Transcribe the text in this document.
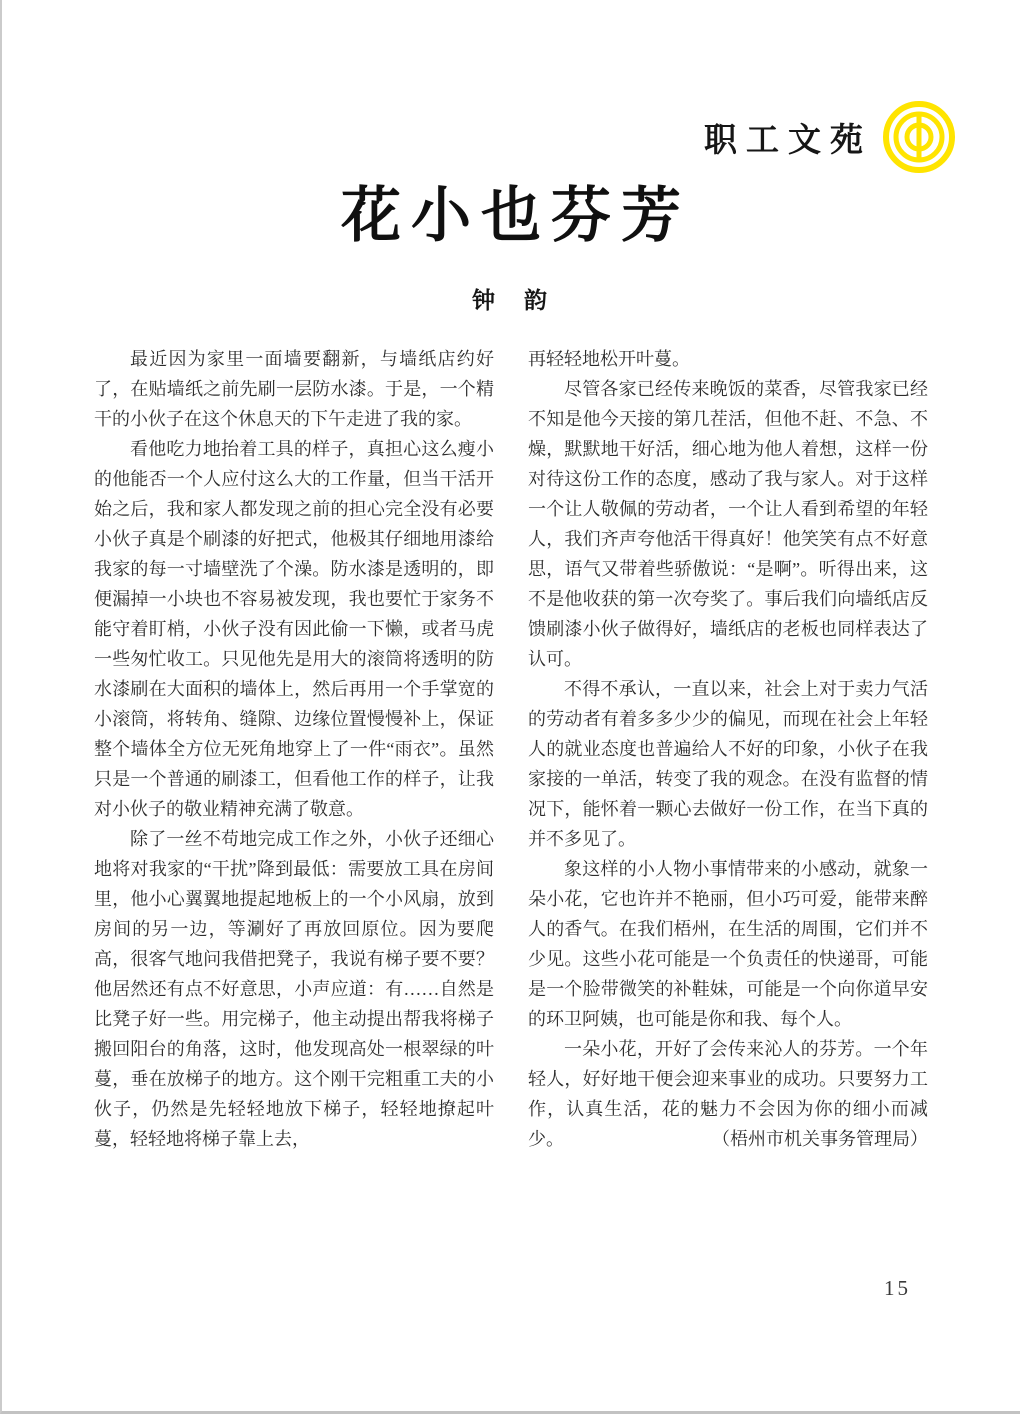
职工文苑
花小也芬芳
钟　韵

最近因为家里一面墙要翻新，与墙纸店约好了，在贴墙纸之前先刷一层防水漆。于是，一个精干的小伙子在这个休息天的下午走进了我的家。

看他吃力地抬着工具的样子，真担心这么瘦小的他能否一个人应付这么大的工作量，但当干活开始之后，我和家人都发现之前的担心完全没有必要小伙子真是个刷漆的好把式，他极其仔细地用漆给我家的每一寸墙壁洗了个澡。防水漆是透明的，即便漏掉一小块也不容易被发现，我也要忙于家务不能守着盯梢，小伙子没有因此偷一下懒，或者马虎一些匆忙收工。只见他先是用大的滚筒将透明的防水漆刷在大面积的墙体上，然后再用一个手掌宽的小滚筒，将转角、缝隙、边缘位置慢慢补上，保证整个墙体全方位无死角地穿上了一件“雨衣”。虽然只是一个普通的刷漆工，但看他工作的样子，让我对小伙子的敬业精神充满了敬意。

除了一丝不苟地完成工作之外，小伙子还细心地将对我家的“干扰”降到最低：需要放工具在房间里，他小心翼翼地提起地板上的一个小风扇，放到房间的另一边，等涮好了再放回原位。因为要爬高，很客气地问我借把凳子，我说有梯子要不要？他居然还有点不好意思，小声应道：有……自然是比凳子好一些。用完梯子，他主动提出帮我将梯子搬回阳台的角落，这时，他发现高处一根翠绿的叶蔓，垂在放梯子的地方。这个刚干完粗重工夫的小伙子，仍然是先轻轻地放下梯子，轻轻地撩起叶蔓，轻轻地将梯子靠上去，

再轻轻地松开叶蔓。

尽管各家已经传来晚饭的菜香，尽管我家已经不知是他今天接的第几茬活，但他不赶、不急、不燥，默默地干好活，细心地为他人着想，这样一份对待这份工作的态度，感动了我与家人。对于这样一个让人敬佩的劳动者，一个让人看到希望的年轻人，我们齐声夸他活干得真好！他笑笑有点不好意思，语气又带着些骄傲说：“是啊”。听得出来，这不是他收获的第一次夸奖了。事后我们向墙纸店反馈刷漆小伙子做得好，墙纸店的老板也同样表达了认可。

不得不承认，一直以来，社会上对于卖力气活的劳动者有着多多少少的偏见，而现在社会上年轻人的就业态度也普遍给人不好的印象，小伙子在我家接的一单活，转变了我的观念。在没有监督的情况下，能怀着一颗心去做好一份工作，在当下真的并不多见了。

象这样的小人物小事情带来的小感动，就象一朵小花，它也许并不艳丽，但小巧可爱，能带来醉人的香气。在我们梧州，在生活的周围，它们并不少见。这些小花可能是一个负责任的快递哥，可能是一个脸带微笑的补鞋妹，可能是一个向你道早安的环卫阿姨，也可能是你和我、每个人。

一朵小花，开好了会传来沁人的芬芳。一个年轻人，好好地干便会迎来事业的成功。只要努力工作，认真生活，花的魅力不会因为你的细小而减少。	（梧州市机关事务管理局）

15
